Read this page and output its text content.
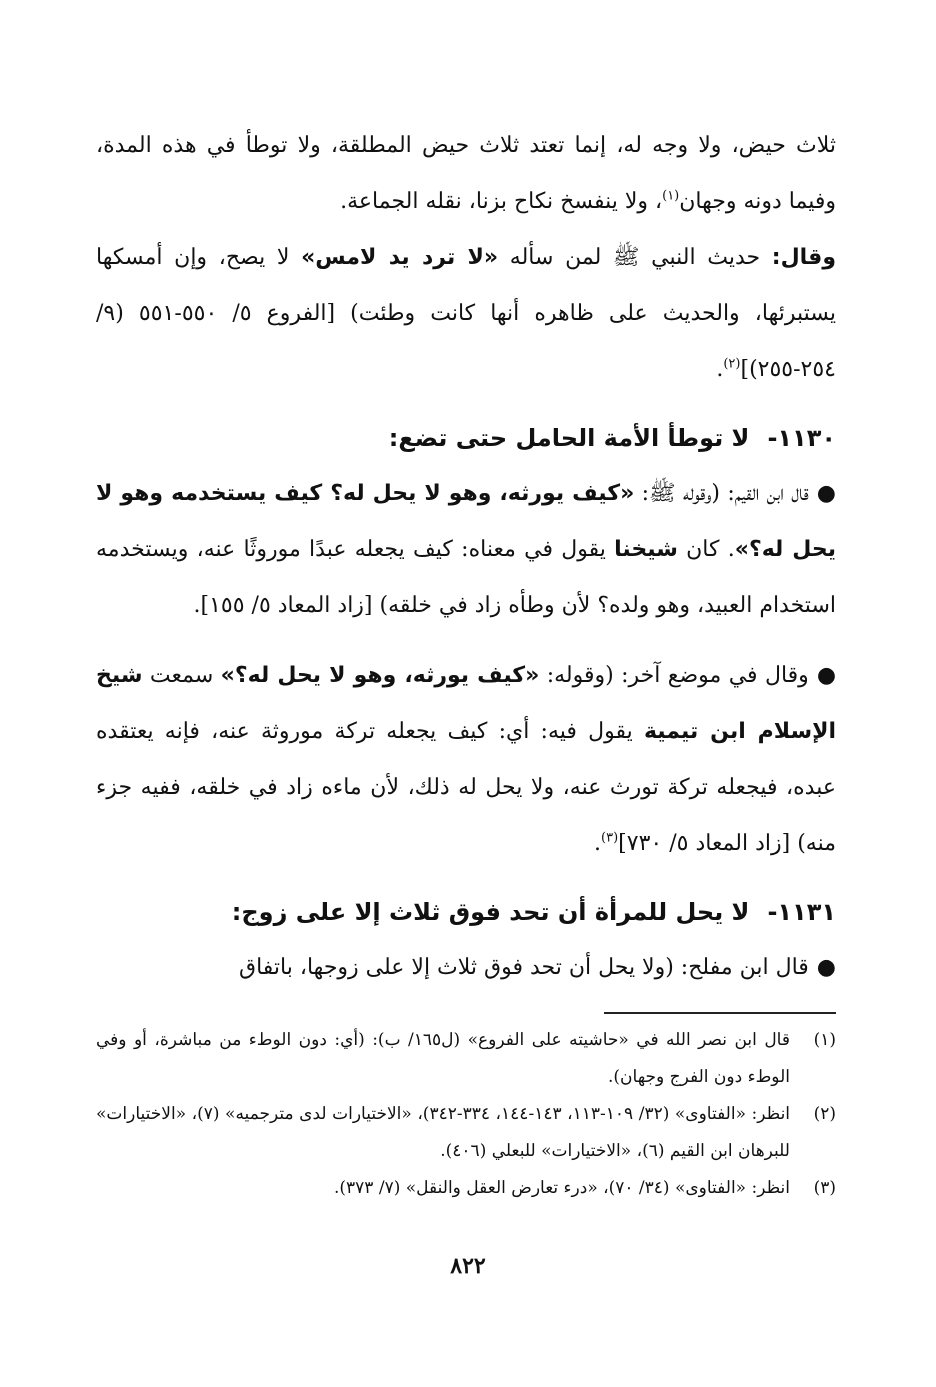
ثلاث حيض، ولا وجه له، إنما تعتد ثلاث حيض المطلقة، ولا توطأ في هذه المدة، وفيما دونه وجهان$^{(١)}$، ولا ينفسخ نكاح بزنا، نقله الجماعة.

وقال: حديث النبي ﷺ لمن سأله «لا ترد يد لامس» لا يصح، وإن أمسكها يستبرئها، والحديث على ظاهره أنها كانت وطئت) [الفروع ٥/ ٥٥٠-٥٥١ (٩/ ٢٥٤-٢٥٥)]$^{(٢)}$.

١١٣٠-لا توطأ الأمة الحامل حتى تضع:

●قال ابن القيم: (وقوله ﷺ: «كيف يورثه، وهو لا يحل له؟ كيف يستخدمه وهو لا يحل له؟». كان شيخنا يقول في معناه: كيف يجعله عبدًا موروثًا عنه، ويستخدمه استخدام العبيد، وهو ولده؟ لأن وطأه زاد في خلقه) [زاد المعاد ٥/ ١٥٥].

●وقال في موضع آخر: (وقوله: «كيف يورثه، وهو لا يحل له؟» سمعت شيخ الإسلام ابن تيمية يقول فيه: أي: كيف يجعله تركة موروثة عنه، فإنه يعتقده عبده، فيجعله تركة تورث عنه، ولا يحل له ذلك، لأن ماءه زاد في خلقه، ففيه جزء منه) [زاد المعاد ٥/ ٧٣٠]$^{(٣)}$.

١١٣١-لا يحل للمرأة أن تحد فوق ثلاث إلا على زوج:

●قال ابن مفلح: (ولا يحل أن تحد فوق ثلاث إلا على زوجها، باتفاق

(١)قال ابن نصر الله في «حاشيته على الفروع» (ل١٦٥/ ب): (أي: دون الوطء من مباشرة، أو وفي الوطء دون الفرج وجهان).

(٢)انظر: «الفتاوى» (٣٢/ ١٠٩-١١٣، ١٤٣-١٤٤، ٣٣٤-٣٤٢)، «الاختيارات لدى مترجميه» (٧)، «الاختيارات» للبرهان ابن القيم (٦)، «الاختيارات» للبعلي (٤٠٦).

(٣)انظر: «الفتاوى» (٣٤/ ٧٠)، «درء تعارض العقل والنقل» (٧/ ٣٧٣).

٨٢٢
